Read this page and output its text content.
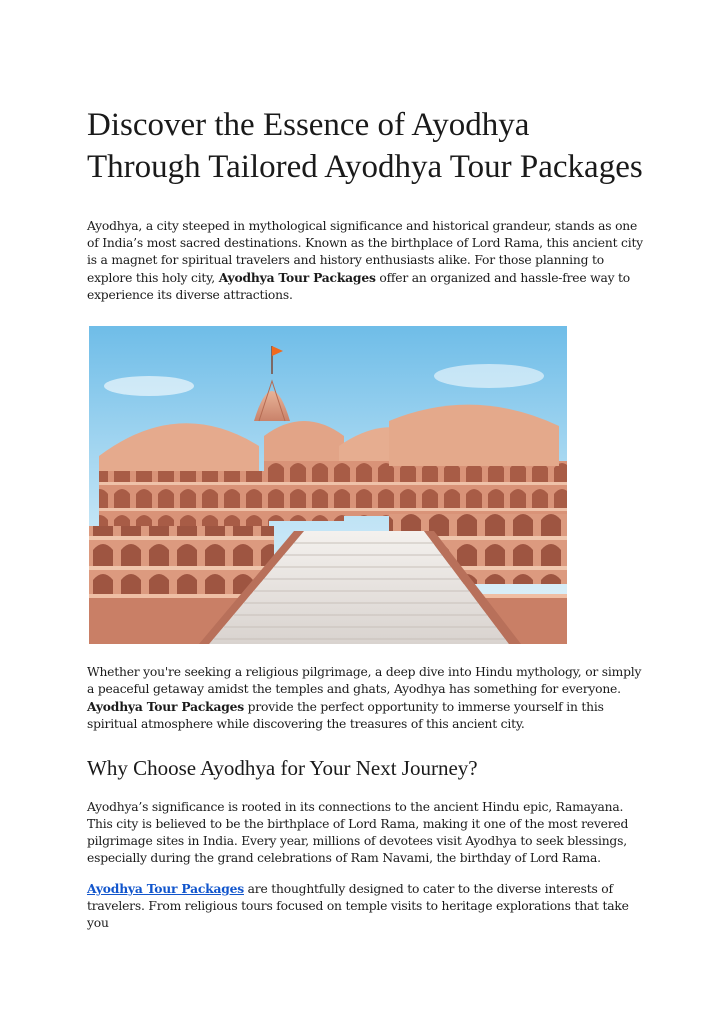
Discover the Essence of Ayodhya Through Tailored Ayodhya Tour Packages

Ayodhya, a city steeped in mythological significance and historical grandeur, stands as one of India’s most sacred destinations. Known as the birthplace of Lord Rama, this ancient city is a magnet for spiritual travelers and history enthusiasts alike. For those planning to explore this holy city, Ayodhya Tour Packages offer an organized and hassle-free way to experience its diverse attractions.

Whether you're seeking a religious pilgrimage, a deep dive into Hindu mythology, or simply a peaceful getaway amidst the temples and ghats, Ayodhya has something for everyone. Ayodhya Tour Packages provide the perfect opportunity to immerse yourself in this spiritual atmosphere while discovering the treasures of this ancient city.

Why Choose Ayodhya for Your Next Journey?

Ayodhya’s significance is rooted in its connections to the ancient Hindu epic, Ramayana. This city is believed to be the birthplace of Lord Rama, making it one of the most revered pilgrimage sites in India. Every year, millions of devotees visit Ayodhya to seek blessings, especially during the grand celebrations of Ram Navami, the birthday of Lord Rama.

Ayodhya Tour Packages are thoughtfully designed to cater to the diverse interests of travelers. From religious tours focused on temple visits to heritage explorations that take you
